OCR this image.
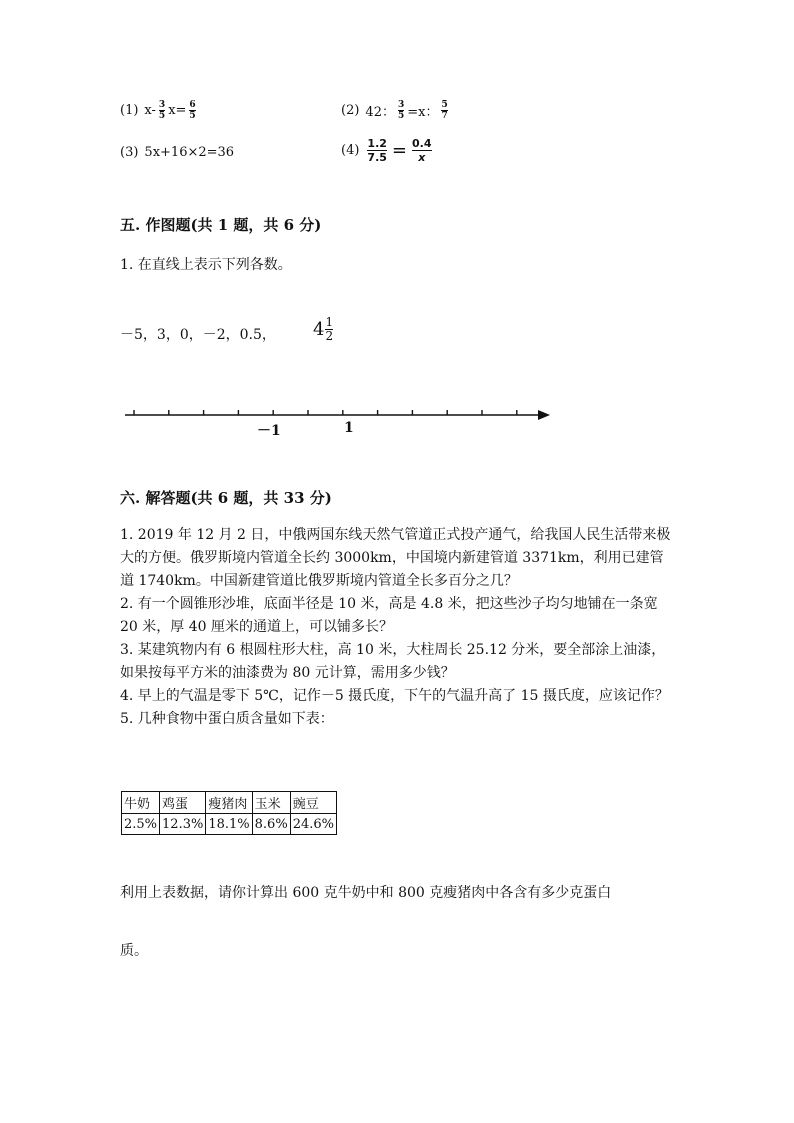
(1) $x- \frac{3}{5} x= \frac{6}{5}$	(2) 42： $\frac{3}{5} =x$： $\frac{5}{7}$
(3) 5x+16×2=36	$(4) \frac{1.2}{7.5} = \frac{0.4}{x}$
五. 作图题(共 1 题，共 6 分)
1. 在直线上表示下列各数。
－5，3，0，－2，0.5， $4 \frac{1}{2}$
－1	1
六. 解答题(共 6 题，共 33 分)
1. 2019 年 12 月 2 日，中俄两国东线天然气管道正式投产通气，给我国人民生活带来极大的方便。俄罗斯境内管道全长约 3000km，中国境内新建管道 3371km，利用已建管道 1740km。中国新建管道比俄罗斯境内管道全长多百分之几？
2. 有一个圆锥形沙堆，底面半径是 10 米，高是 4.8 米，把这些沙子均匀地铺在一条宽 20 米，厚 40 厘米的通道上，可以铺多长？
3. 某建筑物内有 6 根圆柱形大柱，高 10 米，大柱周长 25.12 分米，要全部涂上油漆，如果按每平方米的油漆费为 80 元计算，需用多少钱？
4. 早上的气温是零下 5℃，记作－5 摄氏度，下午的气温升高了 15 摄氏度，应该记作？
5. 几种食物中蛋白质含量如下表：
牛奶	鸡蛋	瘦猪肉	玉米	豌豆
2.5%	12.3%	18.1%	8.6%	24.6%
利用上表数据，请你计算出 600 克牛奶中和 800 克瘦猪肉中各含有多少克蛋白
质。
